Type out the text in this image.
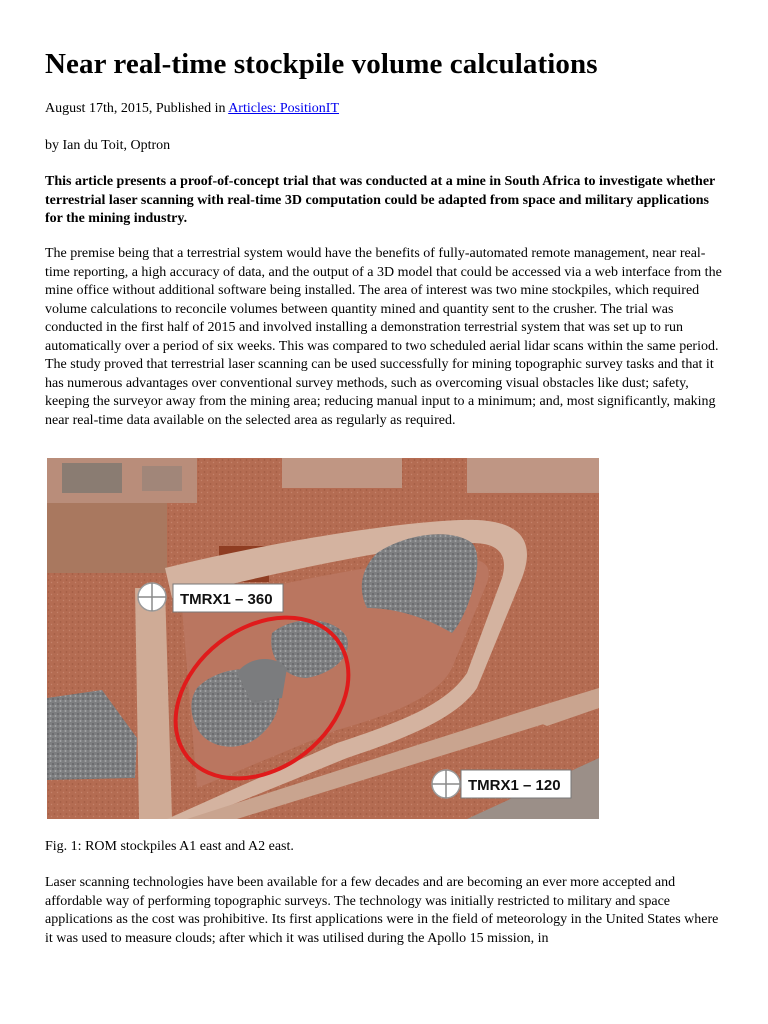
Near real-time stockpile volume calculations
August 17th, 2015, Published in Articles: PositionIT
by Ian du Toit, Optron

This article presents a proof-of-concept trial that was conducted at a mine in South Africa to investigate whether terrestrial laser scanning with real-time 3D computation could be adapted from space and military applications for the mining industry.

The premise being that a terrestrial system would have the benefits of fully-automated remote management, near real-time reporting, a high accuracy of data, and the output of a 3D model that could be accessed via a web interface from the mine office without additional software being installed. The area of interest was two mine stockpiles, which required volume calculations to reconcile volumes between quantity mined and quantity sent to the crusher. The trial was conducted in the first half of 2015 and involved installing a demonstration terrestrial system that was set up to run automatically over a period of six weeks. This was compared to two scheduled aerial lidar scans within the same period. The study proved that terrestrial laser scanning can be used successfully for mining topographic survey tasks and that it has numerous advantages over conventional survey methods, such as overcoming visual obstacles like dust; safety, keeping the surveyor away from the mining area; reducing manual input to a minimum; and, most significantly, making near real-time data available on the selected area as regularly as required.

TMRX1 – 360
TMRX1 – 120
Fig. 1: ROM stockpiles A1 east and A2 east.

Laser scanning technologies have been available for a few decades and are becoming an ever more accepted and affordable way of performing topographic surveys. The technology was initially restricted to military and space applications as the cost was prohibitive. Its first applications were in the field of meteorology in the United States where it was used to measure clouds; after which it was utilised during the Apollo 15 mission, in
